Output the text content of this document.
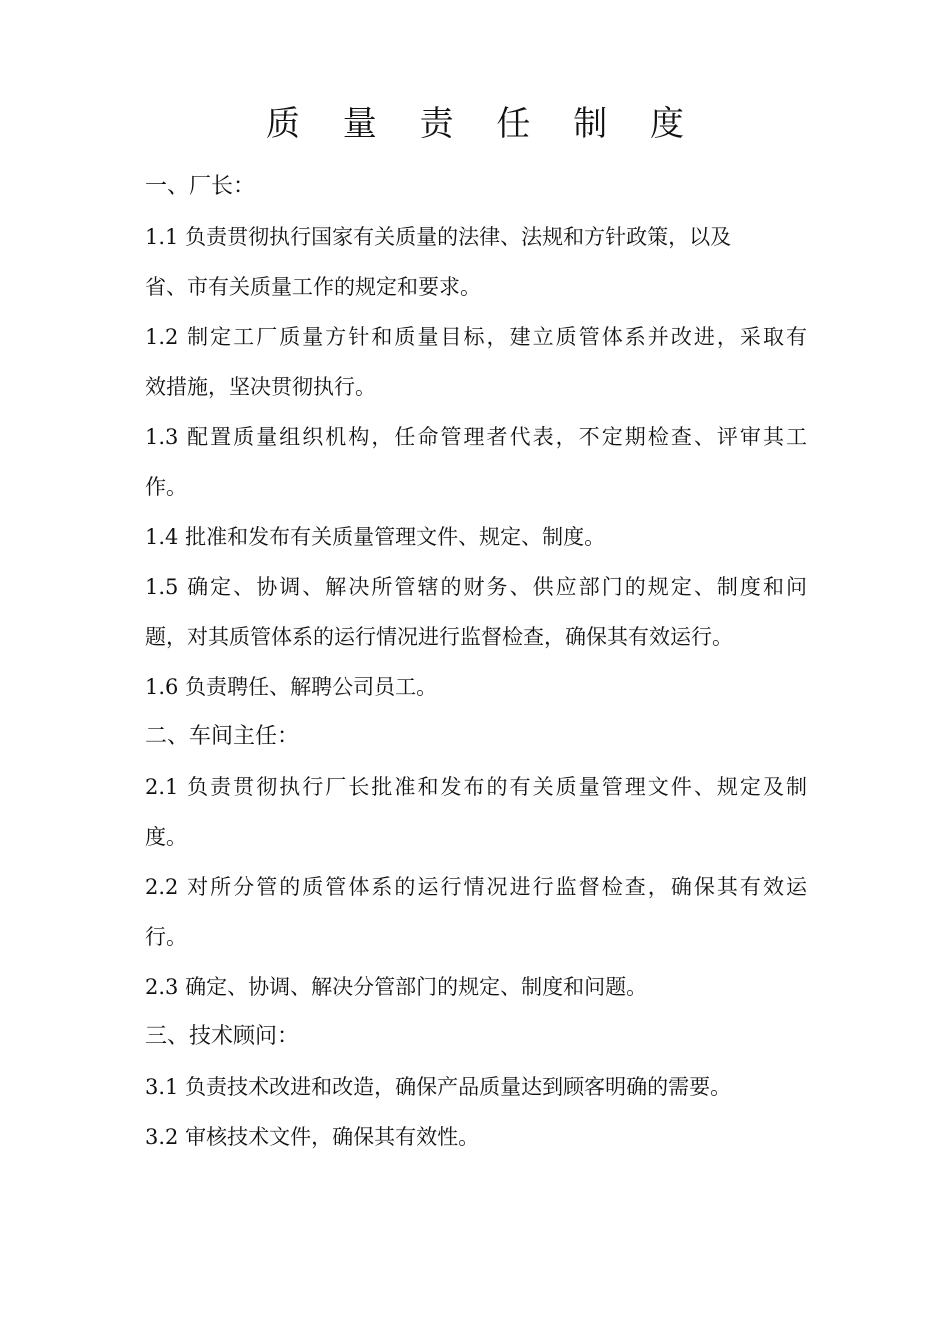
质 量 责 任 制 度
一、厂长：
1.1 负责贯彻执行国家有关质量的法律、法规和方针政策，以及
省、市有关质量工作的规定和要求。
1.2 制定工厂质量方针和质量目标，建立质管体系并改进，采取有
效措施，坚决贯彻执行。
1.3 配置质量组织机构，任命管理者代表，不定期检查、评审其工
作。
1.4 批准和发布有关质量管理文件、规定、制度。
1.5 确定、协调、解决所管辖的财务、供应部门的规定、制度和问
题，对其质管体系的运行情况进行监督检查，确保其有效运行。
1.6 负责聘任、解聘公司员工。
二、车间主任：
2.1 负责贯彻执行厂长批准和发布的有关质量管理文件、规定及制
度。
2.2 对所分管的质管体系的运行情况进行监督检查，确保其有效运
行。
2.3 确定、协调、解决分管部门的规定、制度和问题。
三、技术顾问：
3.1 负责技术改进和改造，确保产品质量达到顾客明确的需要。
3.2 审核技术文件，确保其有效性。
